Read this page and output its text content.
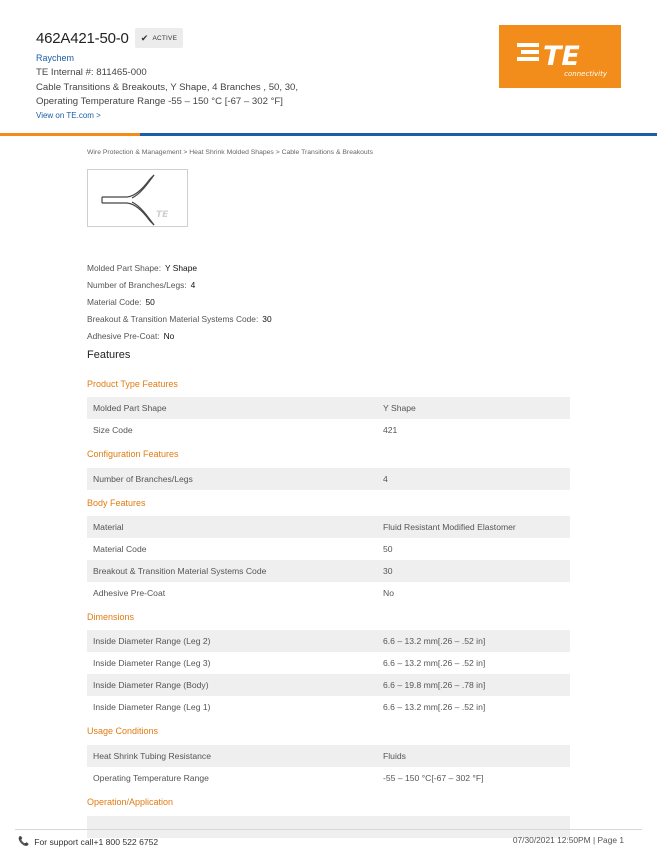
462A421-50-0 ✔ ACTIVE
Raychem
TE Internal #: 811465-000
Cable Transitions & Breakouts, Y Shape, 4 Branches , 50, 30,
Operating Temperature Range -55 – 150 °C [-67 – 302 °F]
View on TE.com >
TE
connectivity
Wire Protection & Management > Heat Shrink Molded Shapes > Cable Transitions & Breakouts
TE
Molded Part Shape: Y Shape
Number of Branches/Legs: 4
Material Code: 50
Breakout & Transition Material Systems Code: 30
Adhesive Pre-Coat: No
Features
Product Type Features
Molded Part Shape	Y Shape
Size Code	421
Configuration Features
Number of Branches/Legs	4
Body Features
Material	Fluid Resistant Modified Elastomer
Material Code	50
Breakout & Transition Material Systems Code	30
Adhesive Pre-Coat	No
Dimensions
Inside Diameter Range (Leg 2)	6.6 – 13.2 mm[.26 – .52 in]
Inside Diameter Range (Leg 3)	6.6 – 13.2 mm[.26 – .52 in]
Inside Diameter Range (Body)	6.6 – 19.8 mm[.26 – .78 in]
Inside Diameter Range (Leg 1)	6.6 – 13.2 mm[.26 – .52 in]
Usage Conditions
Heat Shrink Tubing Resistance	Fluids
Operating Temperature Range	-55 – 150 °C[-67 – 302 °F]
Operation/Application
📞 For support call+1 800 522 6752	07/30/2021 12:50PM | Page 1
